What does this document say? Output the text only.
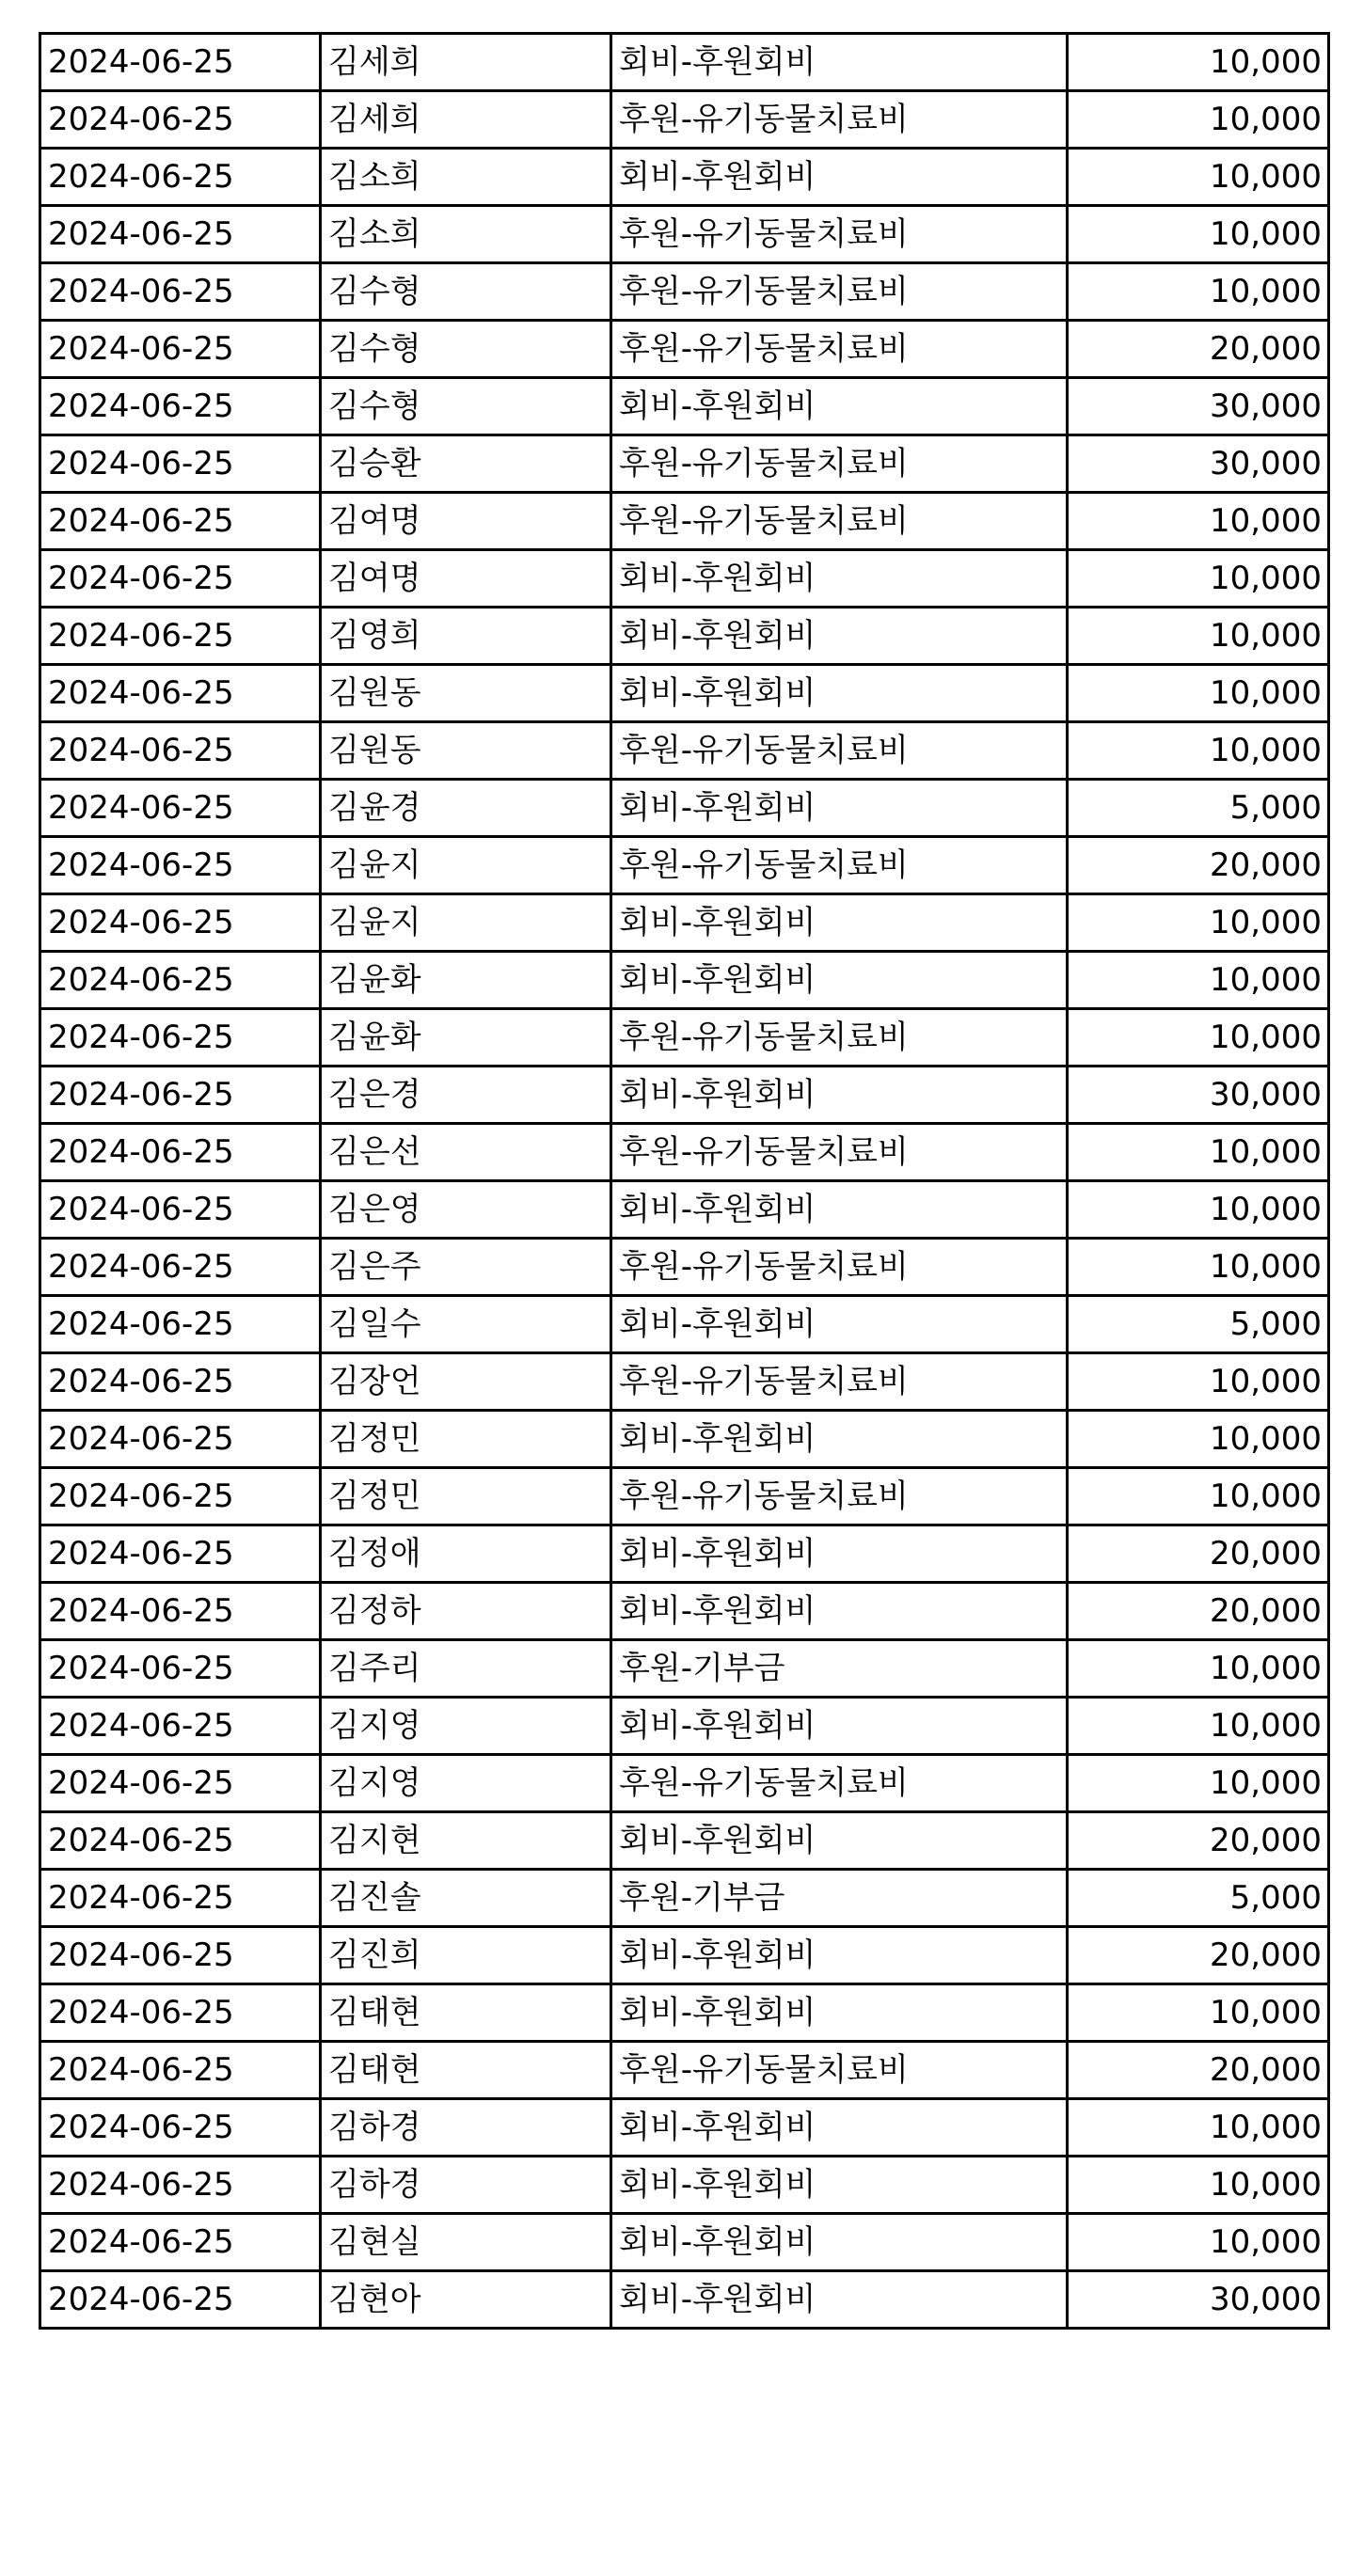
2024-06-25	김세희	회비-후원회비	10,000
2024-06-25	김세희	후원-유기동물치료비	10,000
2024-06-25	김소희	회비-후원회비	10,000
2024-06-25	김소희	후원-유기동물치료비	10,000
2024-06-25	김수형	후원-유기동물치료비	10,000
2024-06-25	김수형	후원-유기동물치료비	20,000
2024-06-25	김수형	회비-후원회비	30,000
2024-06-25	김승환	후원-유기동물치료비	30,000
2024-06-25	김여명	후원-유기동물치료비	10,000
2024-06-25	김여명	회비-후원회비	10,000
2024-06-25	김영희	회비-후원회비	10,000
2024-06-25	김원동	회비-후원회비	10,000
2024-06-25	김원동	후원-유기동물치료비	10,000
2024-06-25	김윤경	회비-후원회비	5,000
2024-06-25	김윤지	후원-유기동물치료비	20,000
2024-06-25	김윤지	회비-후원회비	10,000
2024-06-25	김윤화	회비-후원회비	10,000
2024-06-25	김윤화	후원-유기동물치료비	10,000
2024-06-25	김은경	회비-후원회비	30,000
2024-06-25	김은선	후원-유기동물치료비	10,000
2024-06-25	김은영	회비-후원회비	10,000
2024-06-25	김은주	후원-유기동물치료비	10,000
2024-06-25	김일수	회비-후원회비	5,000
2024-06-25	김장언	후원-유기동물치료비	10,000
2024-06-25	김정민	회비-후원회비	10,000
2024-06-25	김정민	후원-유기동물치료비	10,000
2024-06-25	김정애	회비-후원회비	20,000
2024-06-25	김정하	회비-후원회비	20,000
2024-06-25	김주리	후원-기부금	10,000
2024-06-25	김지영	회비-후원회비	10,000
2024-06-25	김지영	후원-유기동물치료비	10,000
2024-06-25	김지현	회비-후원회비	20,000
2024-06-25	김진솔	후원-기부금	5,000
2024-06-25	김진희	회비-후원회비	20,000
2024-06-25	김태현	회비-후원회비	10,000
2024-06-25	김태현	후원-유기동물치료비	20,000
2024-06-25	김하경	회비-후원회비	10,000
2024-06-25	김하경	회비-후원회비	10,000
2024-06-25	김현실	회비-후원회비	10,000
2024-06-25	김현아	회비-후원회비	30,000
